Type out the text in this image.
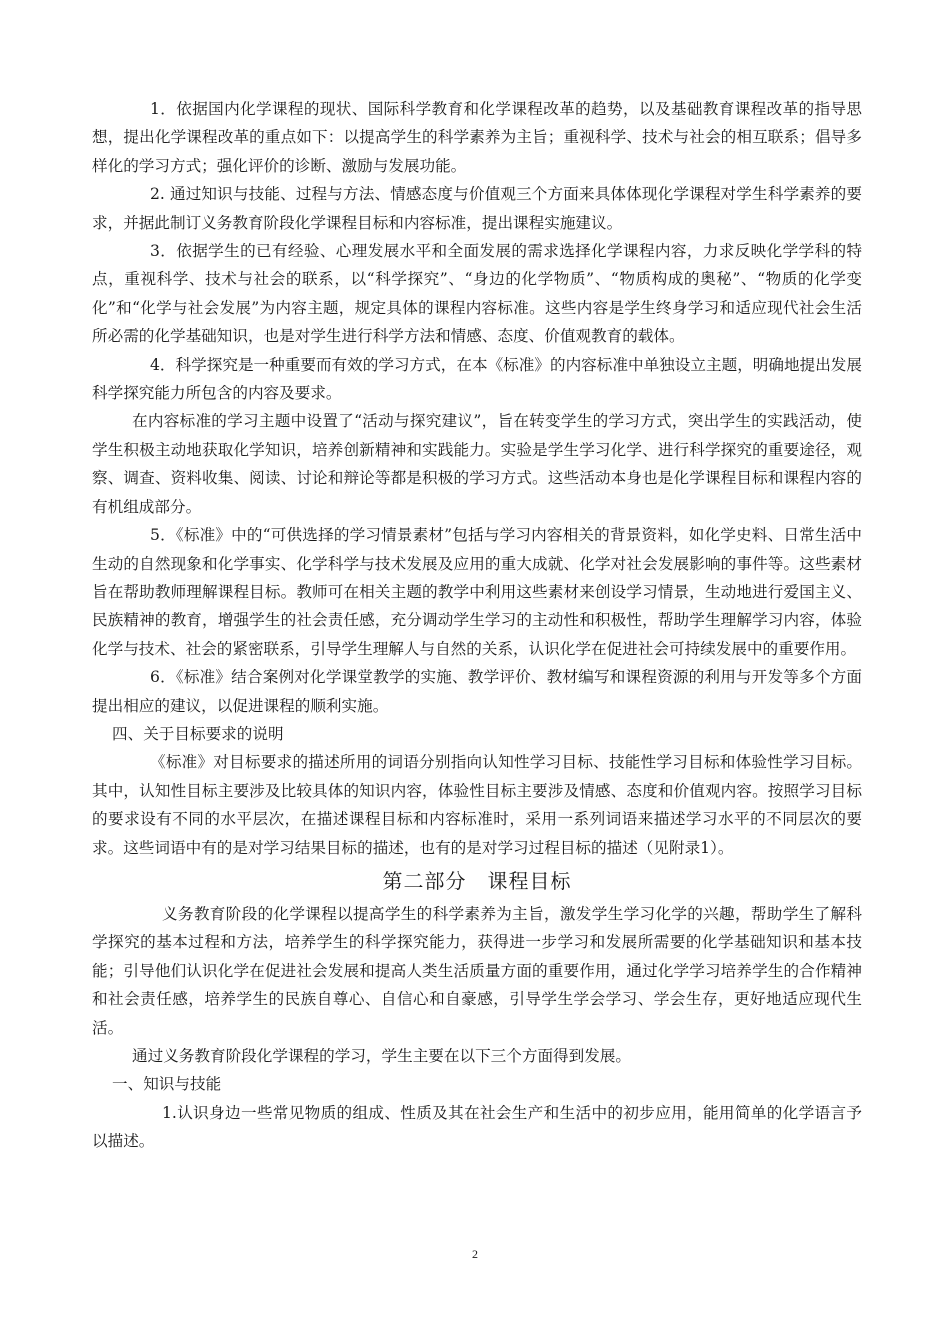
1．依据国内化学课程的现状、国际科学教育和化学课程改革的趋势，以及基础教育课程改革的指导思想，提出化学课程改革的重点如下：以提高学生的科学素养为主旨；重视科学、技术与社会的相互联系；倡导多样化的学习方式；强化评价的诊断、激励与发展功能。

2. 通过知识与技能、过程与方法、情感态度与价值观三个方面来具体体现化学课程对学生科学素养的要求，并据此制订义务教育阶段化学课程目标和内容标准，提出课程实施建议。

3．依据学生的已有经验、心理发展水平和全面发展的需求选择化学课程内容，力求反映化学学科的特点，重视科学、技术与社会的联系，以“科学探究”、“身边的化学物质”、“物质构成的奥秘”、“物质的化学变化”和“化学与社会发展”为内容主题，规定具体的课程内容标准。这些内容是学生终身学习和适应现代社会生活所必需的化学基础知识，也是对学生进行科学方法和情感、态度、价值观教育的载体。

4．科学探究是一种重要而有效的学习方式，在本《标准》的内容标准中单独设立主题，明确地提出发展科学探究能力所包含的内容及要求。

在内容标准的学习主题中设置了“活动与探究建议”，旨在转变学生的学习方式，突出学生的实践活动，使学生积极主动地获取化学知识，培养创新精神和实践能力。实验是学生学习化学、进行科学探究的重要途径，观察、调查、资料收集、阅读、讨论和辩论等都是积极的学习方式。这些活动本身也是化学课程目标和课程内容的有机组成部分。

5．《标准》中的“可供选择的学习情景素材”包括与学习内容相关的背景资料，如化学史料、日常生活中生动的自然现象和化学事实、化学科学与技术发展及应用的重大成就、化学对社会发展影响的事件等。这些素材旨在帮助教师理解课程目标。教师可在相关主题的教学中利用这些素材来创设学习情景，生动地进行爱国主义、民族精神的教育，增强学生的社会责任感，充分调动学生学习的主动性和积极性，帮助学生理解学习内容，体验化学与技术、社会的紧密联系，引导学生理解人与自然的关系，认识化学在促进社会可持续发展中的重要作用。

6．《标准》结合案例对化学课堂教学的实施、教学评价、教材编写和课程资源的利用与开发等多个方面提出相应的建议，以促进课程的顺利实施。

四、关于目标要求的说明

《标准》对目标要求的描述所用的词语分别指向认知性学习目标、技能性学习目标和体验性学习目标。其中，认知性目标主要涉及比较具体的知识内容，体验性目标主要涉及情感、态度和价值观内容。按照学习目标的要求设有不同的水平层次，在描述课程目标和内容标准时，采用一系列词语来描述学习水平的不同层次的要求。这些词语中有的是对学习结果目标的描述，也有的是对学习过程目标的描述（见附录1）。

第二部分　课程目标

义务教育阶段的化学课程以提高学生的科学素养为主旨，激发学生学习化学的兴趣，帮助学生了解科学探究的基本过程和方法，培养学生的科学探究能力，获得进一步学习和发展所需要的化学基础知识和基本技能；引导他们认识化学在促进社会发展和提高人类生活质量方面的重要作用，通过化学学习培养学生的合作精神和社会责任感，培养学生的民族自尊心、自信心和自豪感，引导学生学会学习、学会生存，更好地适应现代生活。

通过义务教育阶段化学课程的学习，学生主要在以下三个方面得到发展。

一、知识与技能

1.认识身边一些常见物质的组成、性质及其在社会生产和生活中的初步应用，能用简单的化学语言予以描述。

2
